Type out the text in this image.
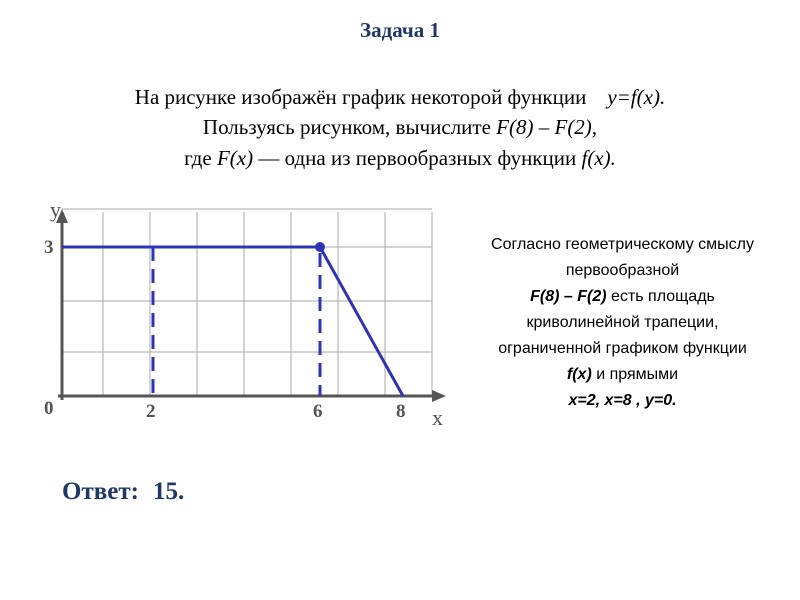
Задача 1
На рисунке изображён график некоторой функции y=f(x).
Пользуясь рисунком, вычислите F(8) – F(2),
где F(x) — одна из первообразных функции f(x).
y
x
3
0	2	6	8
Согласно геометрическому смыслу
первообразной
F(8) – F(2) есть площадь
криволинейной трапеции,
ограниченной графиком функции
f(x) и прямыми
x=2, x=8 , y=0.
Ответ: 15.
